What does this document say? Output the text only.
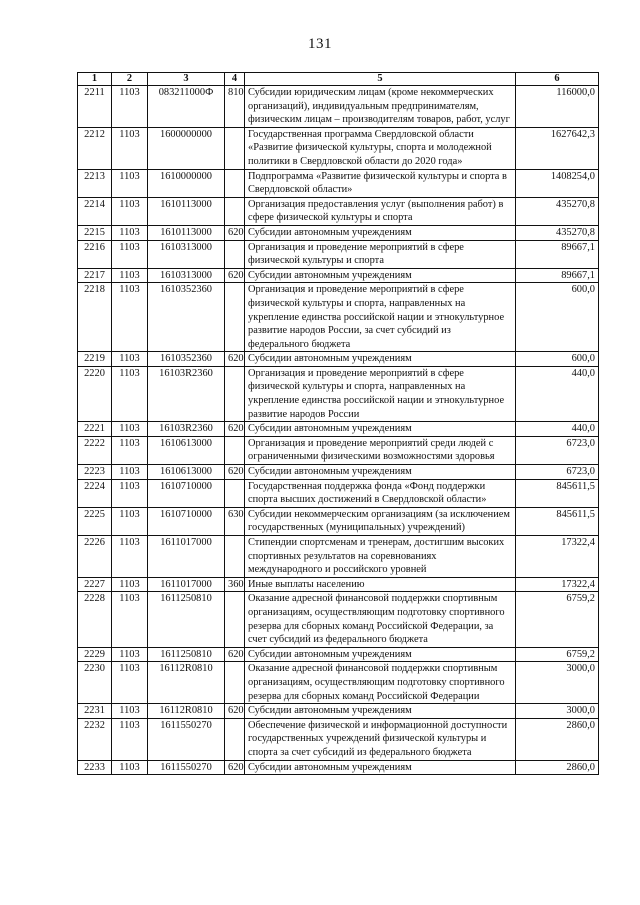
131
1	2	3	4	5	6
2211	1103	083211000Ф	810	Субсидии юридическим лицам (кроме некоммерческих организаций), индивидуальным предпринимателям, физическим лицам – производителям товаров, работ, услуг	116000,0
2212	1103	1600000000		Государственная программа Свердловской области «Развитие физической культуры, спорта и молодежной политики в Свердловской области до 2020 года»	1627642,3
2213	1103	1610000000		Подпрограмма «Развитие физической культуры и спорта в Свердловской области»	1408254,0
2214	1103	1610113000		Организация предоставления услуг (выполнения работ) в сфере физической культуры и спорта	435270,8
2215	1103	1610113000	620	Субсидии автономным учреждениям	435270,8
2216	1103	1610313000		Организация и проведение мероприятий в сфере физической культуры и спорта	89667,1
2217	1103	1610313000	620	Субсидии автономным учреждениям	89667,1
2218	1103	1610352360		Организация и проведение мероприятий в сфере физической культуры и спорта, направленных на укрепление единства российской нации и этнокультурное развитие народов России, за счет субсидий из федерального бюджета	600,0
2219	1103	1610352360	620	Субсидии автономным учреждениям	600,0
2220	1103	16103R2360		Организация и проведение мероприятий в сфере физической культуры и спорта, направленных на укрепление единства российской нации и этнокультурное развитие народов России	440,0
2221	1103	16103R2360	620	Субсидии автономным учреждениям	440,0
2222	1103	1610613000		Организация и проведение мероприятий среди людей с ограниченными физическими возможностями здоровья	6723,0
2223	1103	1610613000	620	Субсидии автономным учреждениям	6723,0
2224	1103	1610710000		Государственная поддержка фонда «Фонд поддержки спорта высших достижений в Свердловской области»	845611,5
2225	1103	1610710000	630	Субсидии некоммерческим организациям (за исключением государственных (муниципальных) учреждений)	845611,5
2226	1103	1611017000		Стипендии спортсменам и тренерам, достигшим высоких спортивных результатов на соревнованиях международного и российского уровней	17322,4
2227	1103	1611017000	360	Иные выплаты населению	17322,4
2228	1103	1611250810		Оказание адресной финансовой поддержки спортивным организациям, осуществляющим подготовку спортивного резерва для сборных команд Российской Федерации, за счет субсидий из федерального бюджета	6759,2
2229	1103	1611250810	620	Субсидии автономным учреждениям	6759,2
2230	1103	16112R0810		Оказание адресной финансовой поддержки спортивным организациям, осуществляющим подготовку спортивного резерва для сборных команд Российской Федерации	3000,0
2231	1103	16112R0810	620	Субсидии автономным учреждениям	3000,0
2232	1103	1611550270		Обеспечение физической и информационной доступности государственных учреждений физической культуры и спорта за счет субсидий из федерального бюджета	2860,0
2233	1103	1611550270	620	Субсидии автономным учреждениям	2860,0
